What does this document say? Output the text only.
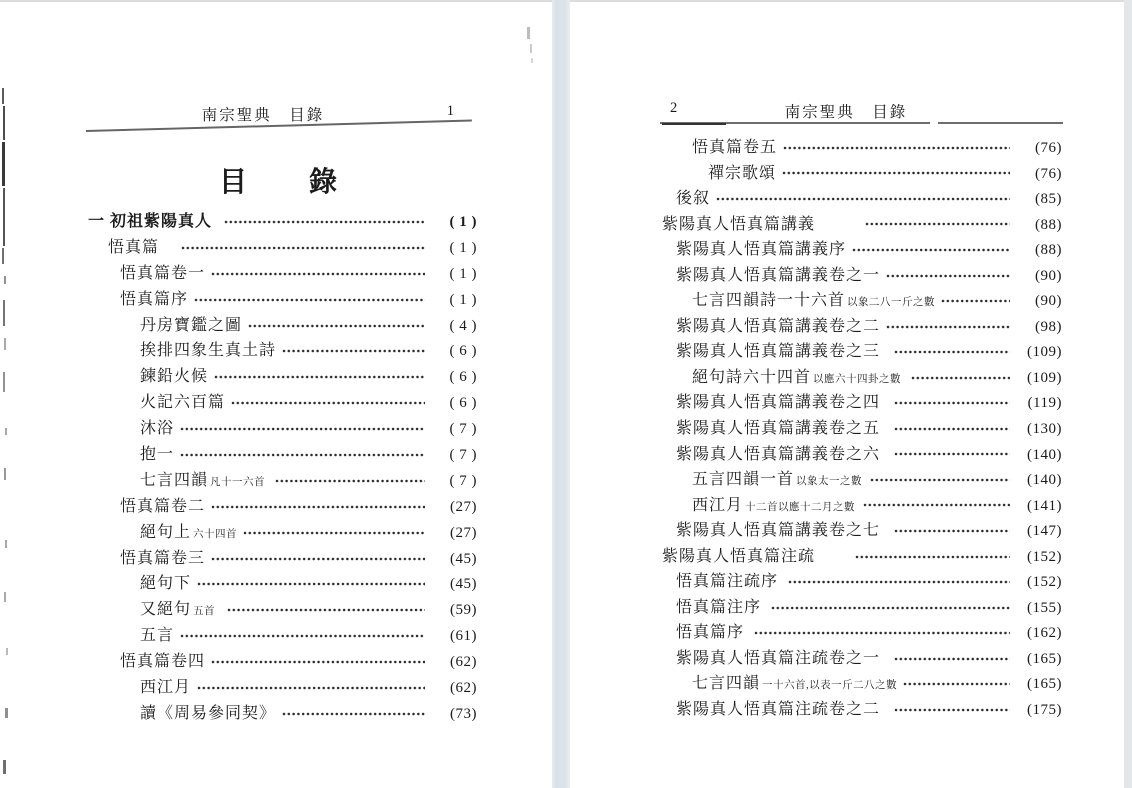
南宗聖典　目錄	1	2	南宗聖典　目錄
目　　錄
一 初祖紫陽真人	( 1 )
悟真篇	( 1 )
悟真篇卷一	( 1 )
悟真篇序	( 1 )
丹房寶鑑之圖	( 4 )
挨排四象生真土詩	( 6 )
鍊鉛火候	( 6 )
火記六百篇	( 6 )
沐浴	( 7 )
抱一	( 7 )
七言四韻 凡十一六首	( 7 )
悟真篇卷二	(27)
絕句上 六十四首	(27)
悟真篇卷三	(45)
絕句下	(45)
又絕句 五首	(59)
五言	(61)
悟真篇卷四	(62)
西江月	(62)
讀《周易參同契》	(73)
悟真篇卷五	(76)
禪宗歌頌	(76)
後叙	(85)
紫陽真人悟真篇講義	(88)
紫陽真人悟真篇講義序	(88)
紫陽真人悟真篇講義卷之一	(90)
七言四韻詩一十六首 以象二八一斤之數	(90)
紫陽真人悟真篇講義卷之二	(98)
紫陽真人悟真篇講義卷之三	(109)
絕句詩六十四首 以應六十四卦之數	(109)
紫陽真人悟真篇講義卷之四	(119)
紫陽真人悟真篇講義卷之五	(130)
紫陽真人悟真篇講義卷之六	(140)
五言四韻一首 以象太一之數	(140)
西江月 十二首以應十二月之數	(141)
紫陽真人悟真篇講義卷之七	(147)
紫陽真人悟真篇注疏	(152)
悟真篇注疏序	(152)
悟真篇注序	(155)
悟真篇序	(162)
紫陽真人悟真篇注疏卷之一	(165)
七言四韻 一十六首,以表一斤二八之數	(165)
紫陽真人悟真篇注疏卷之二	(175)
